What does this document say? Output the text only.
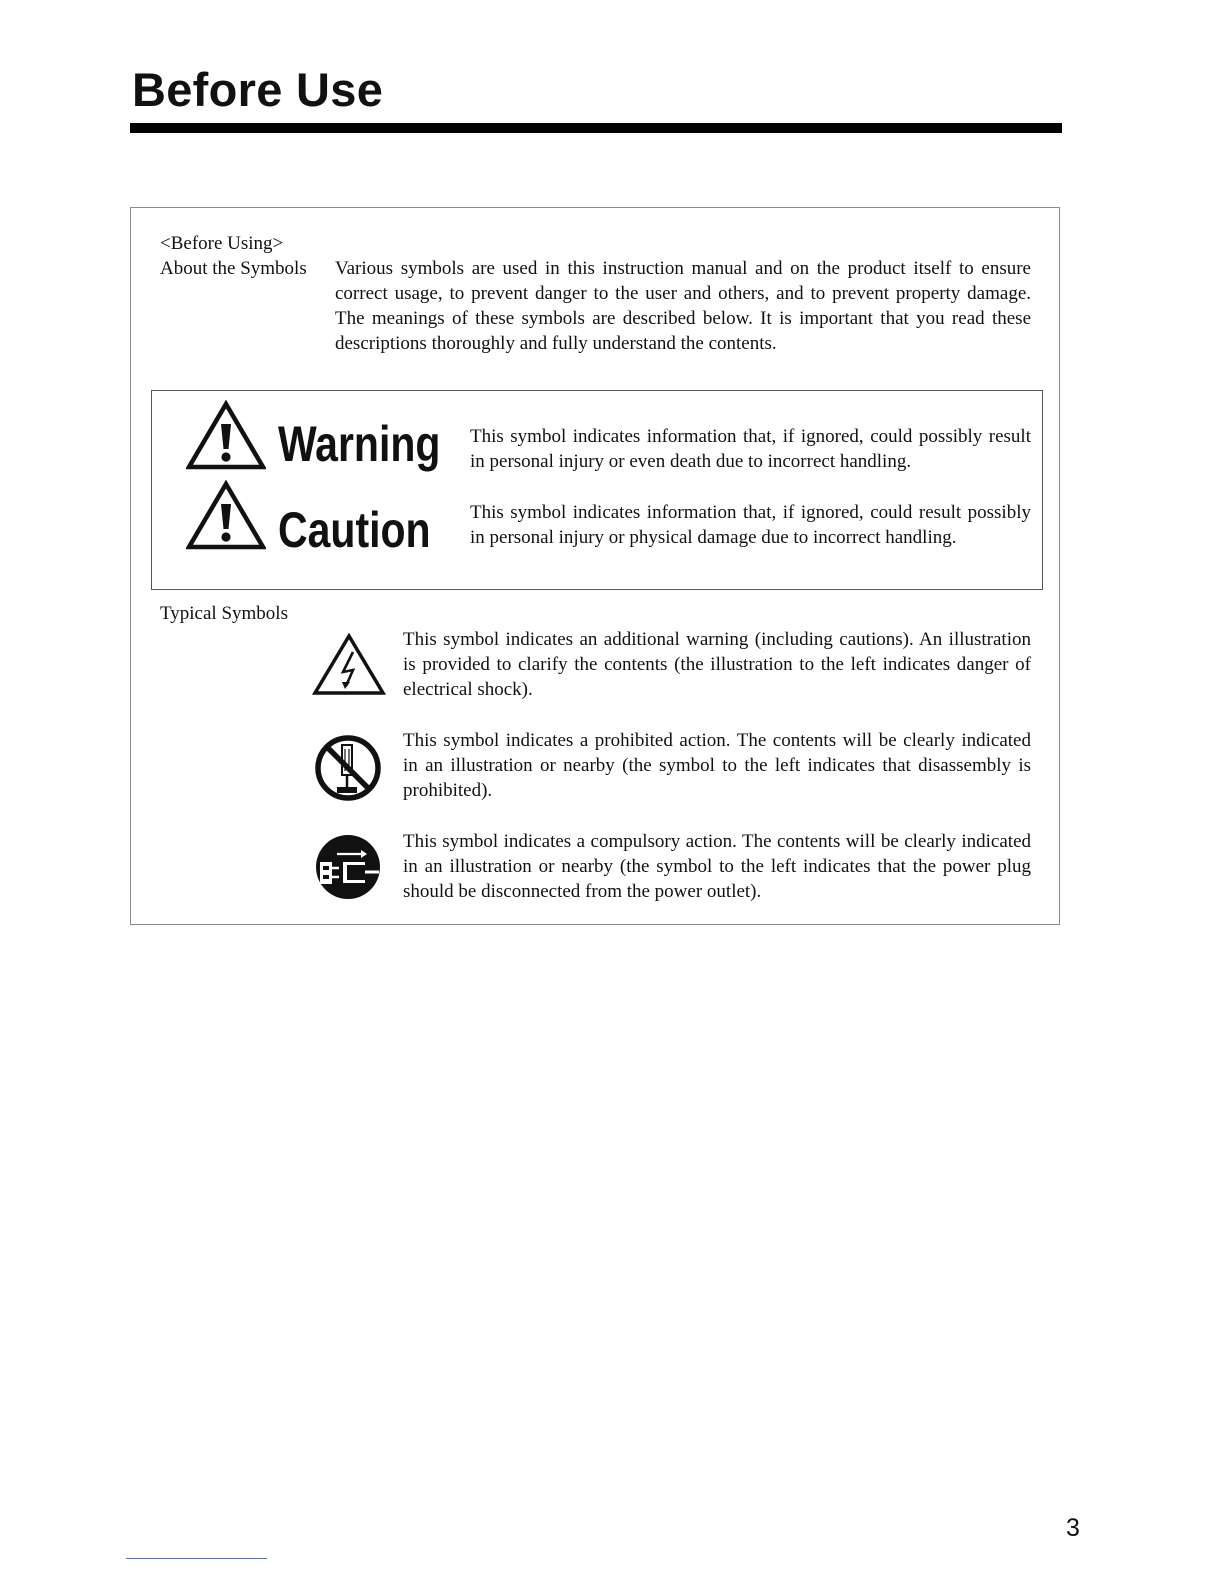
Before Use
<Before Using>
About the Symbols Various symbols are used in this instruction manual and on the product itself to ensure correct usage, to prevent danger to the user and others, and to prevent property damage. The meanings of these symbols are described below. It is important that you read these descriptions thoroughly and fully understand the contents.
Warning This symbol indicates information that, if ignored, could possibly result in personal injury or even death due to incorrect handling.
Caution This symbol indicates information that, if ignored, could result possibly in personal injury or physical damage due to incorrect handling.
Typical Symbols
This symbol indicates an additional warning (including cautions). An illustration is provided to clarify the contents (the illustration to the left indicates danger of electrical shock).
This symbol indicates a prohibited action. The contents will be clearly indicated in an illustration or nearby (the symbol to the left indicates that disassembly is prohibited).
This symbol indicates a compulsory action. The contents will be clearly indicated in an illustration or nearby (the symbol to the left indicates that the power plug should be disconnected from the power outlet).
3
